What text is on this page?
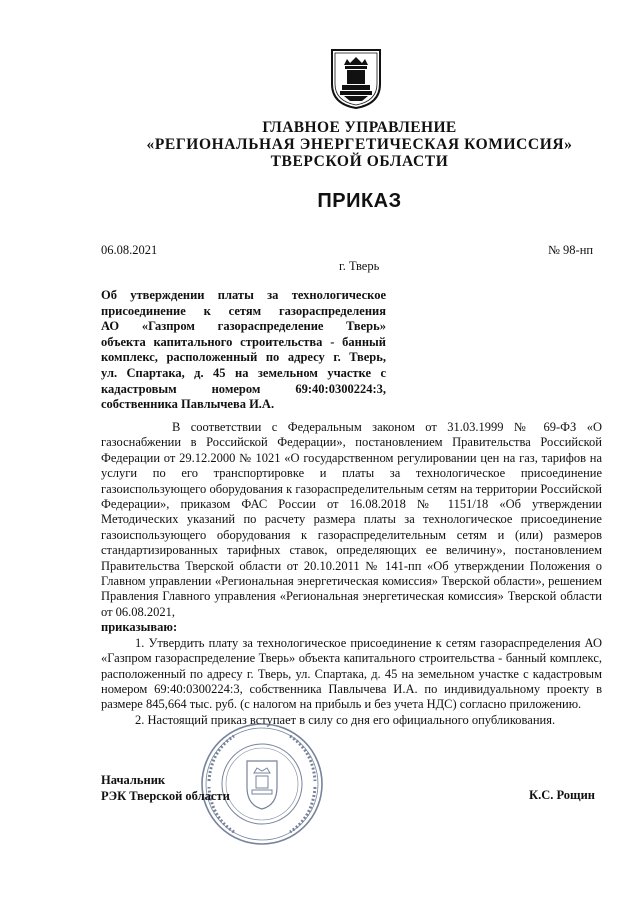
ГЛАВНОЕ УПРАВЛЕНИЕ
«РЕГИОНАЛЬНАЯ ЭНЕРГЕТИЧЕСКАЯ КОМИССИЯ»
ТВЕРСКОЙ ОБЛАСТИ
ПРИКАЗ
06.08.2021	№ 98-нп
г. Тверь
Об утверждении платы за технологическое
присоединение к сетям газораспределения
АО «Газпром газораспределение Тверь»
объекта капитального строительства - банный
комплекс, расположенный по адресу г. Тверь,
ул. Спартака, д. 45 на земельном участке с
кадастровым номером 69:40:0300224:3,
собственника Павлычева И.А.

В соответствии с Федеральным законом от 31.03.1999 № 69-ФЗ «О газоснабжении в Российской Федерации», постановлением Правительства Российской Федерации от 29.12.2000 № 1021 «О государственном регулировании цен на газ, тарифов на услуги по его транспортировке и платы за технологическое присоединение газоиспользующего оборудования к газораспределительным сетям на территории Российской Федерации», приказом ФАС России от 16.08.2018 № 1151/18 «Об утверждении Методических указаний по расчету размера платы за технологическое присоединение газоиспользующего оборудования к газораспределительным сетям и (или) размеров стандартизированных тарифных ставок, определяющих ее величину», постановлением Правительства Тверской области от 20.10.2011 № 141-пп «Об утверждении Положения о Главном управлении «Региональная энергетическая комиссия» Тверской области», решением Правления Главного управления «Региональная энергетическая комиссия» Тверской области от 06.08.2021,

приказываю:

1. Утвердить плату за технологическое присоединение к сетям газораспределения АО «Газпром газораспределение Тверь» объекта капитального строительства - банный комплекс, расположенный по адресу г. Тверь, ул. Спартака, д. 45 на земельном участке с кадастровым номером 69:40:0300224:3, собственника Павлычева И.А. по индивидуальному проекту в размере 845,664 тыс. руб. (с налогом на прибыль и без учета НДС) согласно приложению.

2. Настоящий приказ вступает в силу со дня его официального опубликования.

Начальник
РЭК Тверской области	К.С. Рощин
